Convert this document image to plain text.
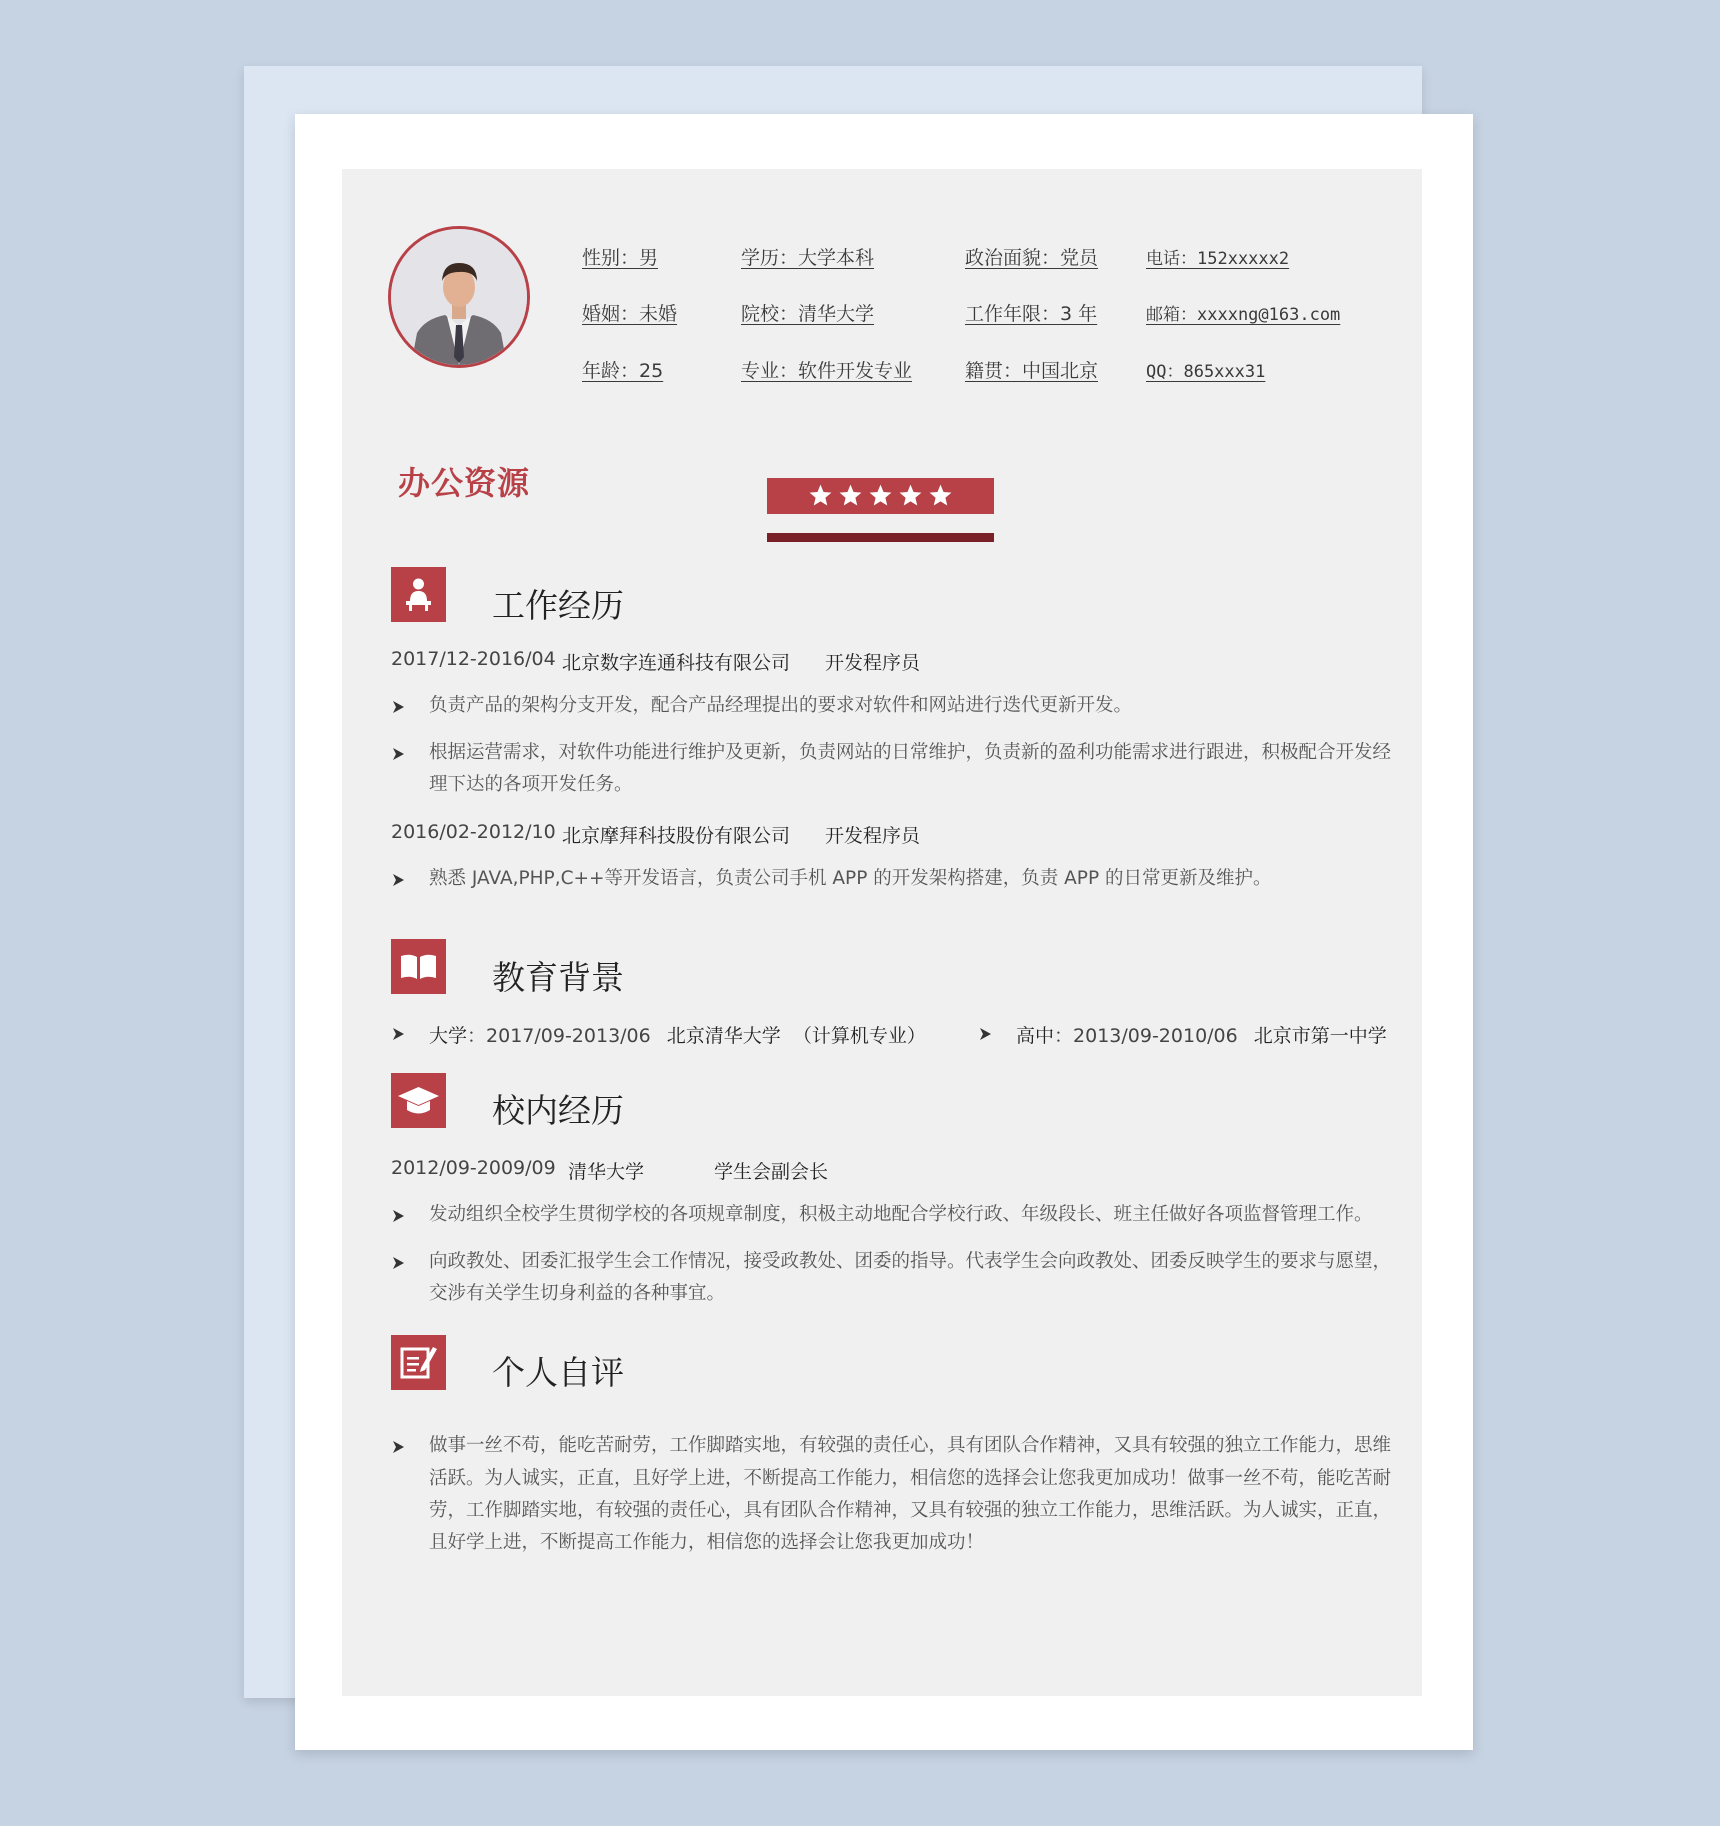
性别：男
婚姻：未婚
年龄：25
学历：大学本科
院校：清华大学
专业：软件开发专业
政治面貌：党员
工作年限：3 年
籍贯：中国北京
电话：152xxxxx2
邮箱：xxxxng@163.com
QQ：865xxx31
办公资源
工作经历
2017/12-2016/04 北京数字连通科技有限公司 开发程序员
负责产品的架构分支开发，配合产品经理提出的要求对软件和网站进行迭代更新开发。
根据运营需求，对软件功能进行维护及更新，负责网站的日常维护，负责新的盈利功能需求进行跟进，积极配合开发经
理下达的各项开发任务。
2016/02-2012/10 北京摩拜科技股份有限公司 开发程序员
熟悉 JAVA,PHP,C++等开发语言，负责公司手机 APP 的开发架构搭建，负责 APP 的日常更新及维护。
教育背景
大学：2017/09-2013/06 北京清华大学 （计算机专业）	高中：2013/09-2010/06 北京市第一中学
校内经历
2012/09-2009/09 清华大学	学生会副会长
发动组织全校学生贯彻学校的各项规章制度，积极主动地配合学校行政、年级段长、班主任做好各项监督管理工作。
向政教处、团委汇报学生会工作情况，接受政教处、团委的指导。代表学生会向政教处、团委反映学生的要求与愿望，
交涉有关学生切身利益的各种事宜。
个人自评
做事一丝不苟，能吃苦耐劳，工作脚踏实地，有较强的责任心，具有团队合作精神，又具有较强的独立工作能力，思维
活跃。为人诚实，正直，且好学上进，不断提高工作能力，相信您的选择会让您我更加成功！做事一丝不苟，能吃苦耐
劳，工作脚踏实地，有较强的责任心，具有团队合作精神，又具有较强的独立工作能力，思维活跃。为人诚实，正直，
且好学上进，不断提高工作能力，相信您的选择会让您我更加成功！
